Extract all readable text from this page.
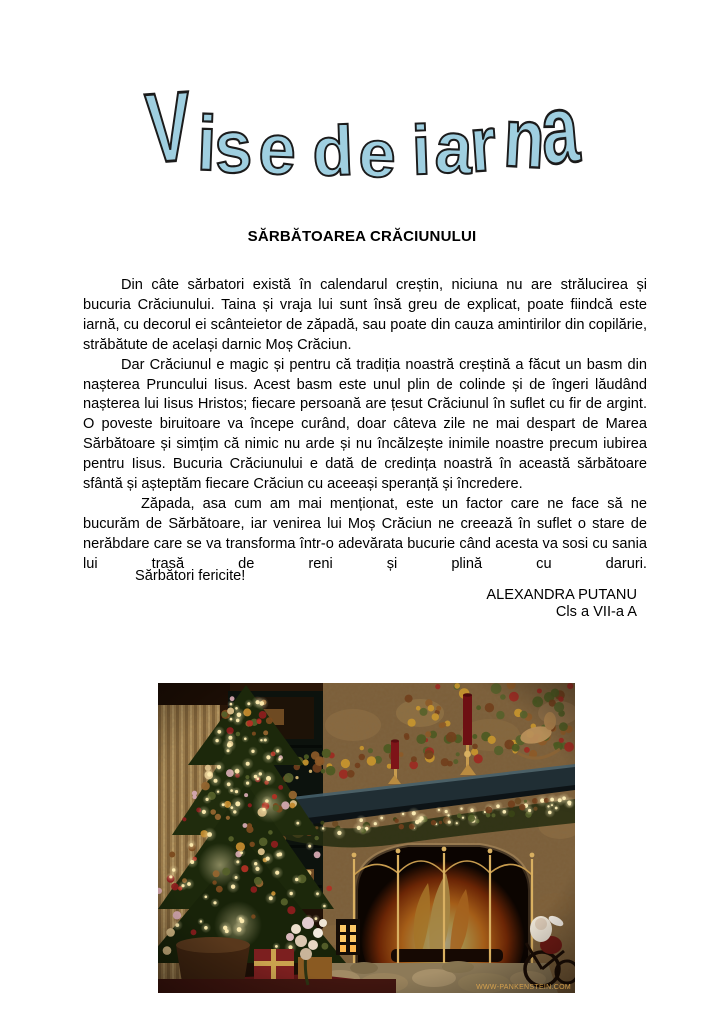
V i
s e d e i a
r n
a
SĂRBĂTOAREA CRĂCIUNULUI

Din câte sărbatori există în calendarul creștin, niciuna nu are strălucirea și bucuria Crăciunului. Taina și vraja lui sunt însă greu de explicat, poate fiindcă este iarnă, cu decorul ei scânteietor de zăpadă, sau poate din cauza amintirilor din copilărie, străbătute de același darnic Moș Crăciun.

Dar Crăciunul e magic și pentru că tradiția noastră creștină a făcut un basm din nașterea Pruncului Iisus. Acest basm este unul plin de colinde și de îngeri lăudând nașterea lui Iisus Hristos; fiecare persoană are țesut Crăciunul în suflet cu fir de argint. O poveste biruitoare va începe curând, doar câteva zile ne mai despart de Marea Sărbătoare și simțim că nimic nu arde și nu încălzește inimile noastre precum iubirea pentru Iisus. Bucuria Crăciunului e dată de credința noastră în această sărbătoare sfântă și așteptăm fiecare Crăciun cu aceeași speranță și încredere.

Zăpada, asa cum am mai menționat, este un factor care ne face să ne bucurăm de Sărbătoare, iar venirea lui Moș Crăciun ne creează în suflet o stare de nerăbdare care se va transforma într-o adevărata bucurie când acesta va sosi cu sania lui trasă de reni și plină cu daruri.

Sărbători fericite!
ALEXANDRA PUTANU
Cls a VII-a A
WWW-PANKENSTEIN.COM
